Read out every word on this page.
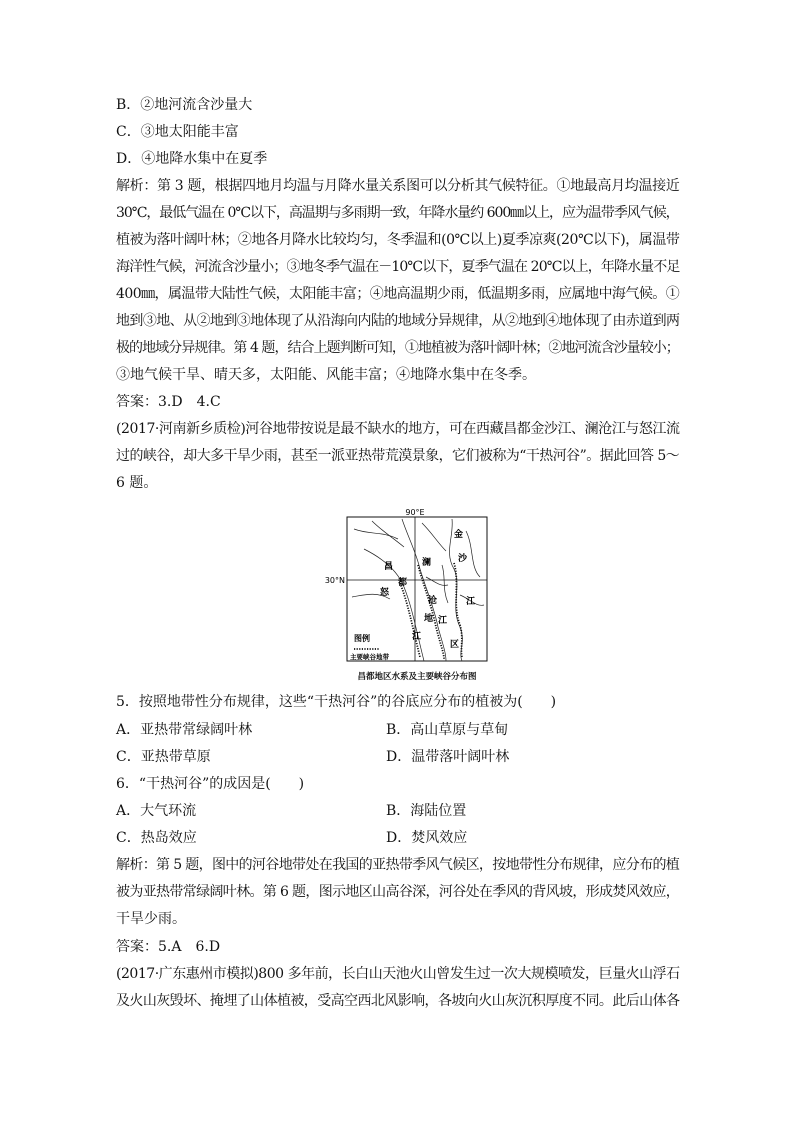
B．②地河流含沙量大
C．③地太阳能丰富
D．④地降水集中在夏季
解析：第 3 题，根据四地月均温与月降水量关系图可以分析其气候特征。①地最高月均温接近
30℃，最低气温在 0℃以下，高温期与多雨期一致，年降水量约 600㎜以上，应为温带季风气候，
植被为落叶阔叶林；②地各月降水比较均匀，冬季温和(0℃以上)夏季凉爽(20℃以下)，属温带
海洋性气候，河流含沙量小；③地冬季气温在－10℃以下，夏季气温在 20℃以上，年降水量不足
400㎜，属温带大陆性气候，太阳能丰富；④地高温期少雨，低温期多雨，应属地中海气候。①
地到③地、从②地到③地体现了从沿海向内陆的地域分异规律，从②地到④地体现了由赤道到两
极的地域分异规律。第 4 题，结合上题判断可知，①地植被为落叶阔叶林；②地河流含沙量较小；
③地气候干旱、晴天多，太阳能、风能丰富；④地降水集中在冬季。
答案：3.D　4.C
(2017·河南新乡质检)河谷地带按说是最不缺水的地方，可在西藏昌都金沙江、澜沧江与怒江流
过的峡谷，却大多干旱少雨，甚至一派亚热带荒漠景象，它们被称为“干热河谷”。据此回答 5～
6 题。
90°E
30°N
金
沙
江
昌
都
澜
怒
沧
江
地 江
区
图例
主要峡谷地带
昌都地区水系及主要峡谷分布图
5．按照地带性分布规律，这些“干热河谷”的谷底应分布的植被为(　　)
A．亚热带常绿阔叶林	B．高山草原与草甸
C．亚热带草原	D．温带落叶阔叶林
6．“干热河谷”的成因是(　　)
A．大气环流	B．海陆位置
C．热岛效应	D．焚风效应
解析：第 5 题，图中的河谷地带处在我国的亚热带季风气候区，按地带性分布规律，应分布的植
被为亚热带常绿阔叶林。第 6 题，图示地区山高谷深，河谷处在季风的背风坡，形成焚风效应，
干旱少雨。
答案：5.A　6.D
(2017·广东惠州市模拟)800 多年前，长白山天池火山曾发生过一次大规模喷发，巨量火山浮石
及火山灰毁坏、掩埋了山体植被，受高空西北风影响，各坡向火山灰沉积厚度不同。此后山体各
